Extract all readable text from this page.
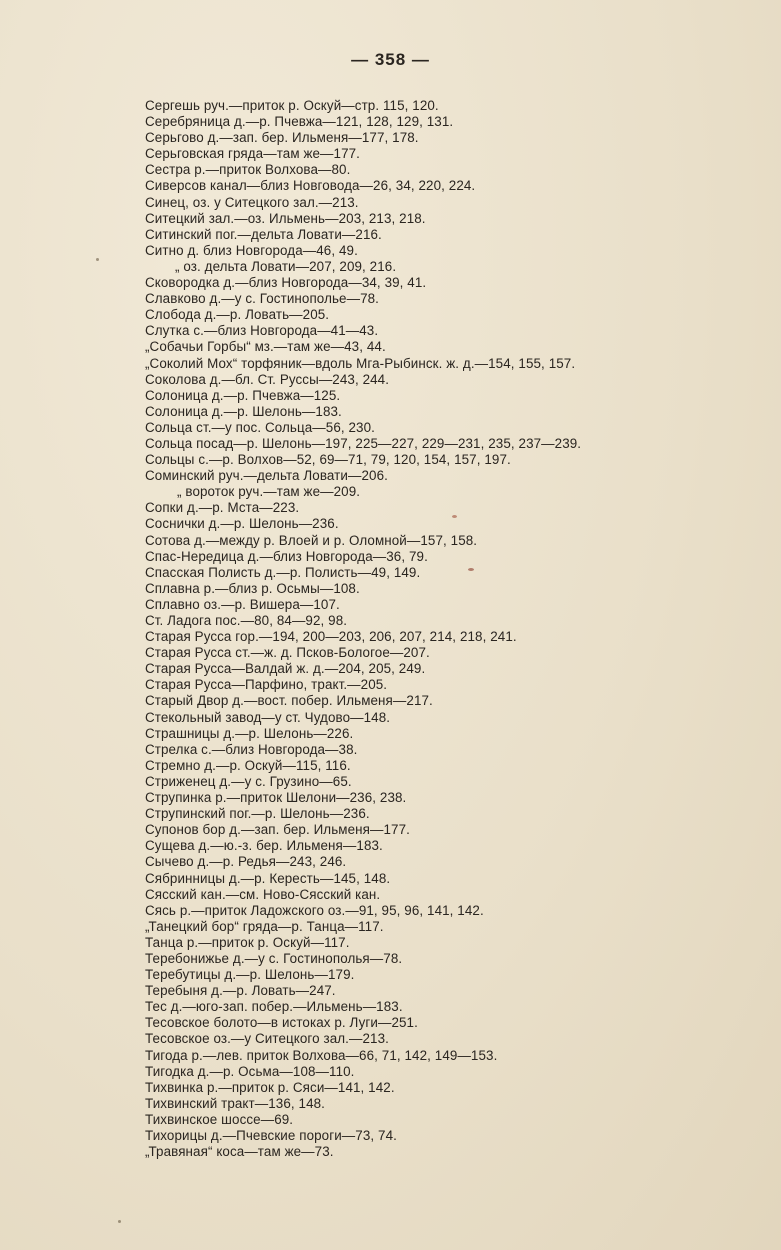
— 358 —
Сергешь руч.—приток р. Оскуй—стр. 115, 120.
Серебряница д.—р. Пчевжа—121, 128, 129, 131.
Серьгово д.—зап. бер. Ильменя—177, 178.
Серьговская гряда—там же—177.
Сестра р.—приток Волхова—80.
Сиверсов канал—близ Новговода—26, 34, 220, 224.
Синец, оз. у Ситецкого зал.—213.
Ситецкий зал.—оз. Ильмень—203, 213, 218.
Ситинский пог.—дельта Ловати—216.
Ситно д. близ Новгорода—46, 49.
„ оз. дельта Ловати—207, 209, 216.
Сковородка д.—близ Новгорода—34, 39, 41.
Славково д.—у с. Гостинополье—78.
Слобода д.—р. Ловать—205.
Слутка с.—близ Новгорода—41—43.
„Собачьи Горбы“ мз.—там же—43, 44.
„Соколий Мох“ торфяник—вдоль Мга-Рыбинск. ж. д.—154, 155, 157.
Соколова д.—бл. Ст. Руссы—243, 244.
Солоница д.—р. Пчевжа—125.
Солоница д.—р. Шелонь—183.
Сольца ст.—у пос. Сольца—56, 230.
Сольца посад—р. Шелонь—197, 225—227, 229—231, 235, 237—239.
Сольцы с.—р. Волхов—52, 69—71, 79, 120, 154, 157, 197.
Соминский руч.—дельта Ловати—206.
„ вороток руч.—там же—209.
Сопки д.—р. Мста—223.
Соснички д.—р. Шелонь—236.
Сотова д.—между р. Влоей и р. Оломной—157, 158.
Спас-Нередица д.—близ Новгорода—36, 79.
Спасская Полисть д.—р. Полисть—49, 149.
Сплавна р.—близ р. Осьмы—108.
Сплавно оз.—р. Вишера—107.
Ст. Ладога пос.—80, 84—92, 98.
Старая Русса гор.—194, 200—203, 206, 207, 214, 218, 241.
Старая Русса ст.—ж. д. Псков-Бологое—207.
Старая Русса—Валдай ж. д.—204, 205, 249.
Старая Русса—Парфино, тракт.—205.
Старый Двор д.—вост. побер. Ильменя—217.
Стекольный завод—у ст. Чудово—148.
Страшницы д.—р. Шелонь—226.
Стрелка с.—близ Новгорода—38.
Стремно д.—р. Оскуй—115, 116.
Стриженец д.—у с. Грузино—65.
Струпинка р.—приток Шелони—236, 238.
Струпинский пог.—р. Шелонь—236.
Супонов бор д.—зап. бер. Ильменя—177.
Сущева д.—ю.-з. бер. Ильменя—183.
Сычево д.—р. Редья—243, 246.
Сябринницы д.—р. Кересть—145, 148.
Сясский кан.—см. Ново-Сясский кан.
Сясь р.—приток Ладожского оз.—91, 95, 96, 141, 142.
„Танецкий бор“ гряда—р. Танца—117.
Танца р.—приток р. Оскуй—117.
Теребонижье д.—у с. Гостинополья—78.
Теребутицы д.—р. Шелонь—179.
Теребыня д.—р. Ловать—247.
Тес д.—юго-зап. побер.—Ильмень—183.
Тесовское болото—в истоках р. Луги—251.
Тесовское оз.—у Ситецкого зал.—213.
Тигода р.—лев. приток Волхова—66, 71, 142, 149—153.
Тигодка д.—р. Осьма—108—110.
Тихвинка р.—приток р. Сяси—141, 142.
Тихвинский тракт—136, 148.
Тихвинское шоссе—69.
Тихорицы д.—Пчевские пороги—73, 74.
„Травяная“ коса—там же—73.
